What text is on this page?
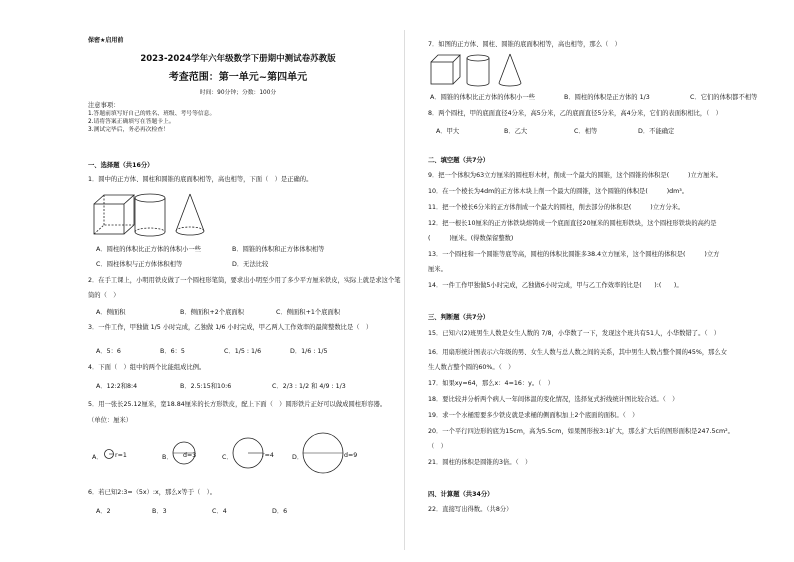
保密★启用前
2023-2024学年六年级数学下册期中测试卷苏教版
考查范围：第一单元~第四单元
时间：90分钟；分数：100分
注意事项：
1.答题前填写好自己的姓名、班级、考号等信息。
2.请将答案正确填写在答题卡上。
3.测试完毕后，务必再次检查！
一、选择题（共16分）
1．圆中的正方体、圆柱和圆锥的底面积相等，高也相等，下面（　）是正确的。
A．圆柱的体积比正方体的体积小一些	B．圆锥的体积和正方体体积相等
C．圆柱体积与正方体体积相等	D．无法比较
2．在手工课上，小明用铁皮做了一个圆柱形笔筒，要求出小明至少用了多少平方厘米铁皮，实际上就是求这个笔
筒的（　）
A．侧面积	B．侧面积+2个底面积	C．侧面积+1个底面积
3．一件工作，甲独做 1/5 小时完成，乙独做 1/6 小时完成，甲乙两人工作效率的最简整数比是（　）
A．5：6	B．6：5	C．1/5 : 1/6	D．1/6 : 1/5
4．下面（　）组中的两个比能组成比例。
A．12:2和8:4	B．2.5:15和10:6	C．2/3 : 1/2 和 4/9 : 1/3
5．用一张长25.12厘米，宽18.84厘米的长方形铁皮，配上下面（　）圆形铁片正好可以做成圆柱形容器。
（单位：厘米）
A． r=1	B． d=3	C．	r=4	D．	d=9
6．若已知2:3=（5x）:x，那么x等于（　）。
A．2	B．3	C．4	D．6
7．如图的正方体、圆柱、圆锥的底面积相等，高也相等，那么（　）
A．圆锥的体积比正方体的体积小一些	B．圆柱的体积是正方体的 1/3	C．它们的体积都不相等
8．两个圆柱，甲的底面直径4分米，高5分米，乙的底面直径5分米，高4分米，它们的表面积相比，（　）
A．甲大	B．乙大	C．相等	D．不能确定
二、填空题（共7分）
9．把一个体积为63立方厘米的圆柱形木材，削成一个最大的圆锥，这个圆锥的体积是(　　　)立方厘米。
10．在一个棱长为4dm的正方体木块上削一个最大的圆锥，这个圆锥的体积是(　　　)dm³。
11．把一个棱长6分米的正方体削成一个最大的圆柱，削去部分的体积是(　　　)立方分米。
12．把一根长10厘米的正方体铁块熔铸成一个底面直径20厘米的圆柱形铁块，这个圆柱形铁块的高约是
(　　　)厘米。(得数保留整数)
13．一个圆柱和一个圆锥等底等高，圆柱的体积比圆锥多38.4立方厘米，这个圆柱的体积是(　　　)立方
厘米。
14．一件工作甲独做5小时完成，乙独做6小时完成，甲与乙工作效率的比是(　　):(　　)。
三、判断题（共7分）
15．已知六(2)班男生人数是女生人数的 7/8，小华数了一下，发现这个班共有51人，小华数错了。（　）
16．用扇形统计图表示六年级的男、女生人数与总人数之间的关系，其中男生人数占整个圆的45%，那么女
生人数占整个圆的60%。（　）
17．如果xy=64，那么x：4=16：y。（　）
18．要比较并分析两个病人一年间体温的变化情况，选择复式折线统计图比较合适。（　）
19．求一个水桶需要多少铁皮就是求桶的侧面积加上2个底面的面积。（　）
20．一个平行四边形的底为15cm，高为5.5cm，如果图形按3:1扩大，那么扩大后的图形面积是247.5cm²。
（　）
21．圆柱的体积是圆锥的3倍。（　）
四、计算题（共34分）
22．直接写出得数。（共8分）
